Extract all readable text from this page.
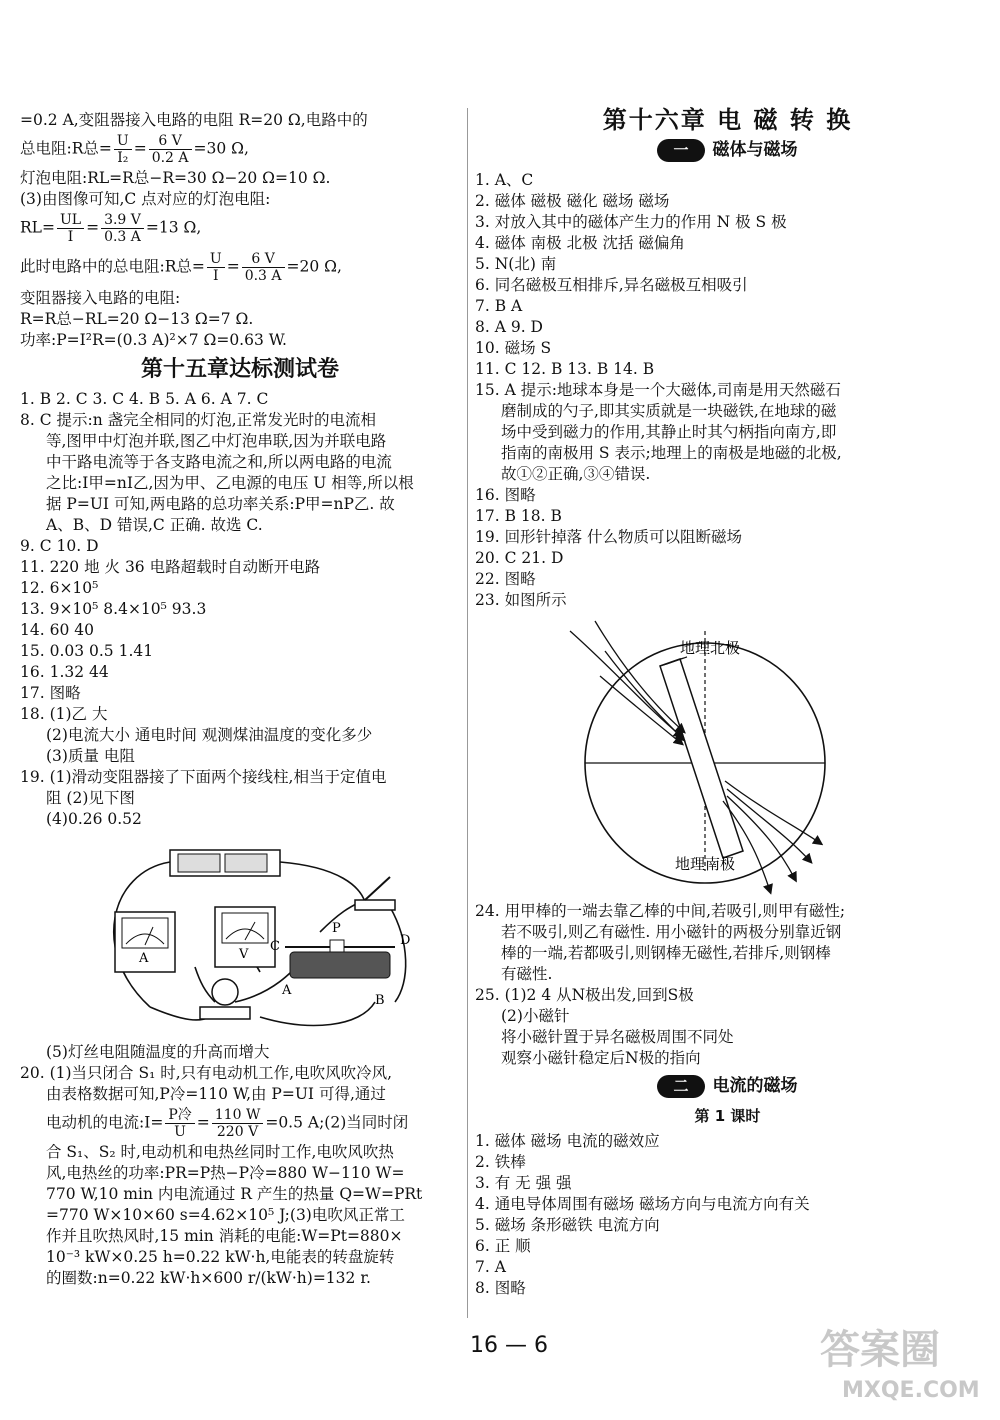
=0.2 A,变阻器接入电路的电阻 R=20 Ω,电路中的
总电阻:R总= $\frac{U}{\text{I₂}} = \frac{6 V}{0.2 A} =30$ Ω,
灯泡电阻:RL=R总−R=30 Ω−20 Ω=10 Ω.
(3)由图像可知,C 点对应的灯泡电阻:
$RL= \frac{UL}{I} = \frac{3.9 V}{0.3 A} =13$ Ω,
此时电路中的总电阻:R总= $\frac{U}{I} = \frac{6 V}{0.3 A} =20$ Ω,
变阻器接入电路的电阻:
R=R总−RL=20 Ω−13 Ω=7 Ω.
功率:P=I²R=(0.3 A)²×7 Ω=0.63 W.
第十五章达标测试卷
1. B 2. C 3. C 4. B 5. A 6. A 7. C
8. C 提示:n 盏完全相同的灯泡,正常发光时的电流相
等,图甲中灯泡并联,图乙中灯泡串联,因为并联电路
中干路电流等于各支路电流之和,所以两电路的电流
之比:I甲=nI乙,因为甲、乙电源的电压 U 相等,所以根
据 P=UI 可知,两电路的总功率关系:P甲=nP乙. 故
A、B、D 错误,C 正确. 故选 C.
9. C 10. D
11. 220 地 火 36 电路超载时自动断开电路
12. 6×10⁵
13. 9×10⁵ 8.4×10⁵ 93.3
14. 60 40
15. 0.03 0.5 1.41
16. 1.32 44
17. 图略
18. (1)乙 大
(2)电流大小 通电时间 观测煤油温度的变化多少
(3)质量 电阻
19. (1)滑动变阻器接了下面两个接线柱,相当于定值电
阻 (2)见下图
(4)0.26 0.52
A	V
P
C	D
A
B
(5)灯丝电阻随温度的升高而增大
20. (1)当只闭合 S₁ 时,只有电动机工作,电吹风吹冷风,
由表格数据可知,P冷=110 W,由 P=UI 可得,通过
电动机的电流:I= $\frac{\text{P冷}}{U} = \frac{110 W}{220 V} =0.5$ A;(2)当同时闭
合 S₁、S₂ 时,电动机和电热丝同时工作,电吹风吹热
风,电热丝的功率:PR=P热−P冷=880 W−110 W=
770 W,10 min 内电流通过 R 产生的热量 Q=W=PRt
=770 W×10×60 s=4.62×10⁵ J;(3)电吹风正常工
作并且吹热风时,15 min 消耗的电能:W=Pt=880×
10⁻³ kW×0.25 h=0.22 kW·h,电能表的转盘旋转
的圈数:n=0.22 kW·h×600 r/(kW·h)=132 r.
第十六章 电 磁 转 换
一 磁体与磁场
1. A、C
2. 磁体 磁极 磁化 磁场 磁场
3. 对放入其中的磁体产生力的作用 N 极 S 极
4. 磁体 南极 北极 沈括 磁偏角
5. N(北) 南
6. 同名磁极互相排斥,异名磁极互相吸引
7. B A
8. A 9. D
10. 磁场 S
11. C 12. B 13. B 14. B
15. A 提示:地球本身是一个大磁体,司南是用天然磁石
磨制成的勺子,即其实质就是一块磁铁,在地球的磁
场中受到磁力的作用,其静止时其勺柄指向南方,即
指南的南极用 S 表示;地理上的南极是地磁的北极,
故①②正确,③④错误.
16. 图略
17. B 18. B
19. 回形针掉落 什么物质可以阻断磁场
20. C 21. D
22. 图略
23. 如图所示
地理北极
地理南极
24. 用甲棒的一端去靠乙棒的中间,若吸引,则甲有磁性;
若不吸引,则乙有磁性. 用小磁针的两极分别靠近钢
棒的一端,若都吸引,则钢棒无磁性,若排斥,则钢棒
有磁性.
25. (1)2 4 从N极出发,回到S极
(2)小磁针
将小磁针置于异名磁极周围不同处
观察小磁针稳定后N极的指向
二 电流的磁场
第 1 课时
1. 磁体 磁场 电流的磁效应
2. 铁棒
3. 有 无 强 强
4. 通电导体周围有磁场 磁场方向与电流方向有关
5. 磁场 条形磁铁 电流方向
6. 正 顺
7. A
8. 图略
16 — 6	答案圈
MXQE.COM
